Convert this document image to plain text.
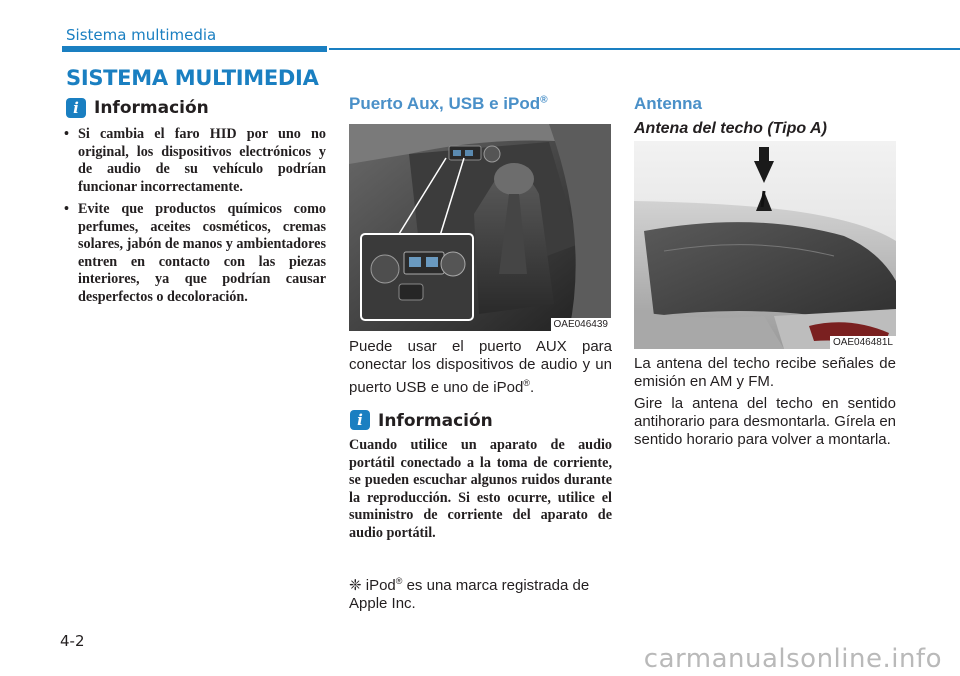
Sistema multimedia
SISTEMA MULTIMEDIA
i Información
• Si cambia el faro HID por uno no original, los dispositivos electrónicos y de audio de su vehículo podrían funcionar incorrectamente.
• Evite que productos químicos como perfumes, aceites cosméticos, cremas solares, jabón de manos y ambientadores entren en contacto con las piezas interiores, ya que podrían causar desperfectos o decoloración.
Puerto Aux, USB e iPod®
OAE046439
Puede usar el puerto AUX para conectar los dispositivos de audio y un puerto USB e uno de iPod®.
i Información
Cuando utilice un aparato de audio portátil conectado a la toma de corriente, se pueden escuchar algunos ruidos durante la reproducción. Si esto ocurre, utilice el suministro de corriente del aparato de audio portátil.
❈ iPod® es una marca registrada de Apple Inc.
Antenna
Antena del techo (Tipo A)
OAE046481L
La antena del techo recibe señales de emisión en AM y FM.
Gire la antena del techo en sentido antihorario para desmontarla. Gírela en sentido horario para volver a montarla.
4-2
carmanualsonline.info
